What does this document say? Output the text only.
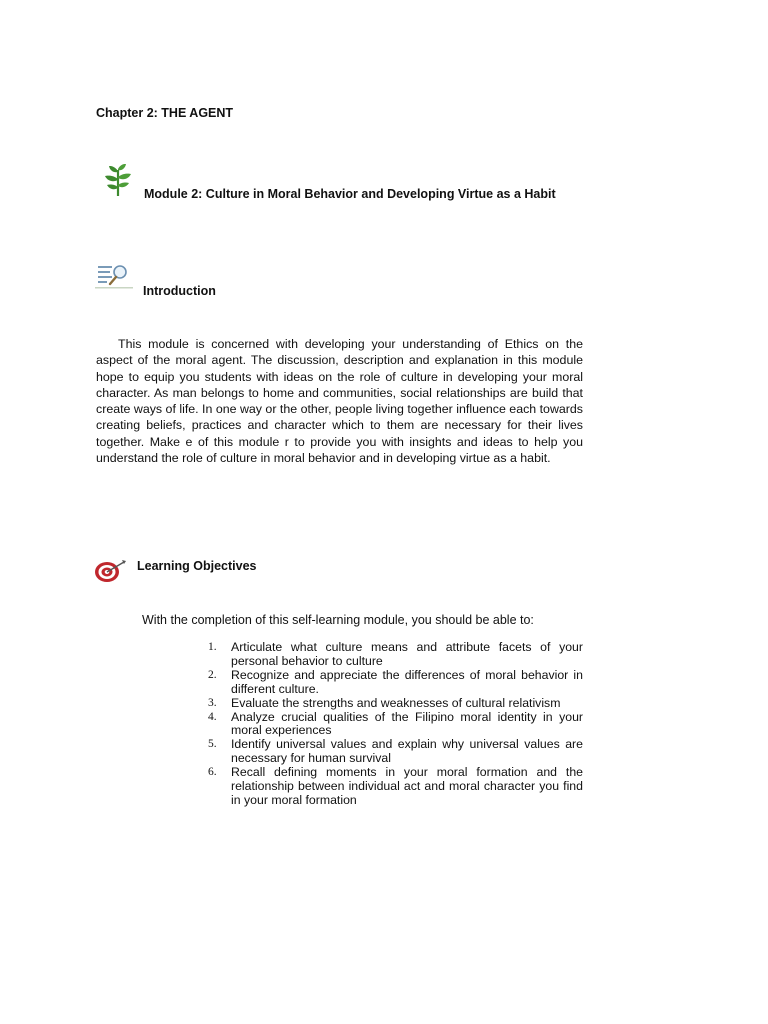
Chapter 2: THE AGENT
Module 2: Culture in Moral Behavior and Developing Virtue as a Habit
Introduction

This module is concerned with developing your understanding of Ethics on the aspect of the moral agent. The discussion, description and explanation in this module hope to equip you students with ideas on the role of culture in developing your moral character. As man belongs to home and communities, social relationships are build that create ways of life. In one way or the other, people living together influence each towards creating beliefs, practices and character which to them are necessary for their lives together. Make e of this module r to provide you with insights and ideas to help you understand the role of culture in moral behavior and in developing virtue as a habit.

Learning Objectives
With the completion of this self-learning module, you should be able to:
1. Articulate what culture means and attribute facets of your personal behavior to culture
2. Recognize and appreciate the differences of moral behavior in different culture.
3. Evaluate the strengths and weaknesses of cultural relativism
4. Analyze crucial qualities of the Filipino moral identity in your moral experiences
5. Identify universal values and explain why universal values are necessary for human survival
6. Recall defining moments in your moral formation and the relationship between individual act and moral character you find in your moral formation
